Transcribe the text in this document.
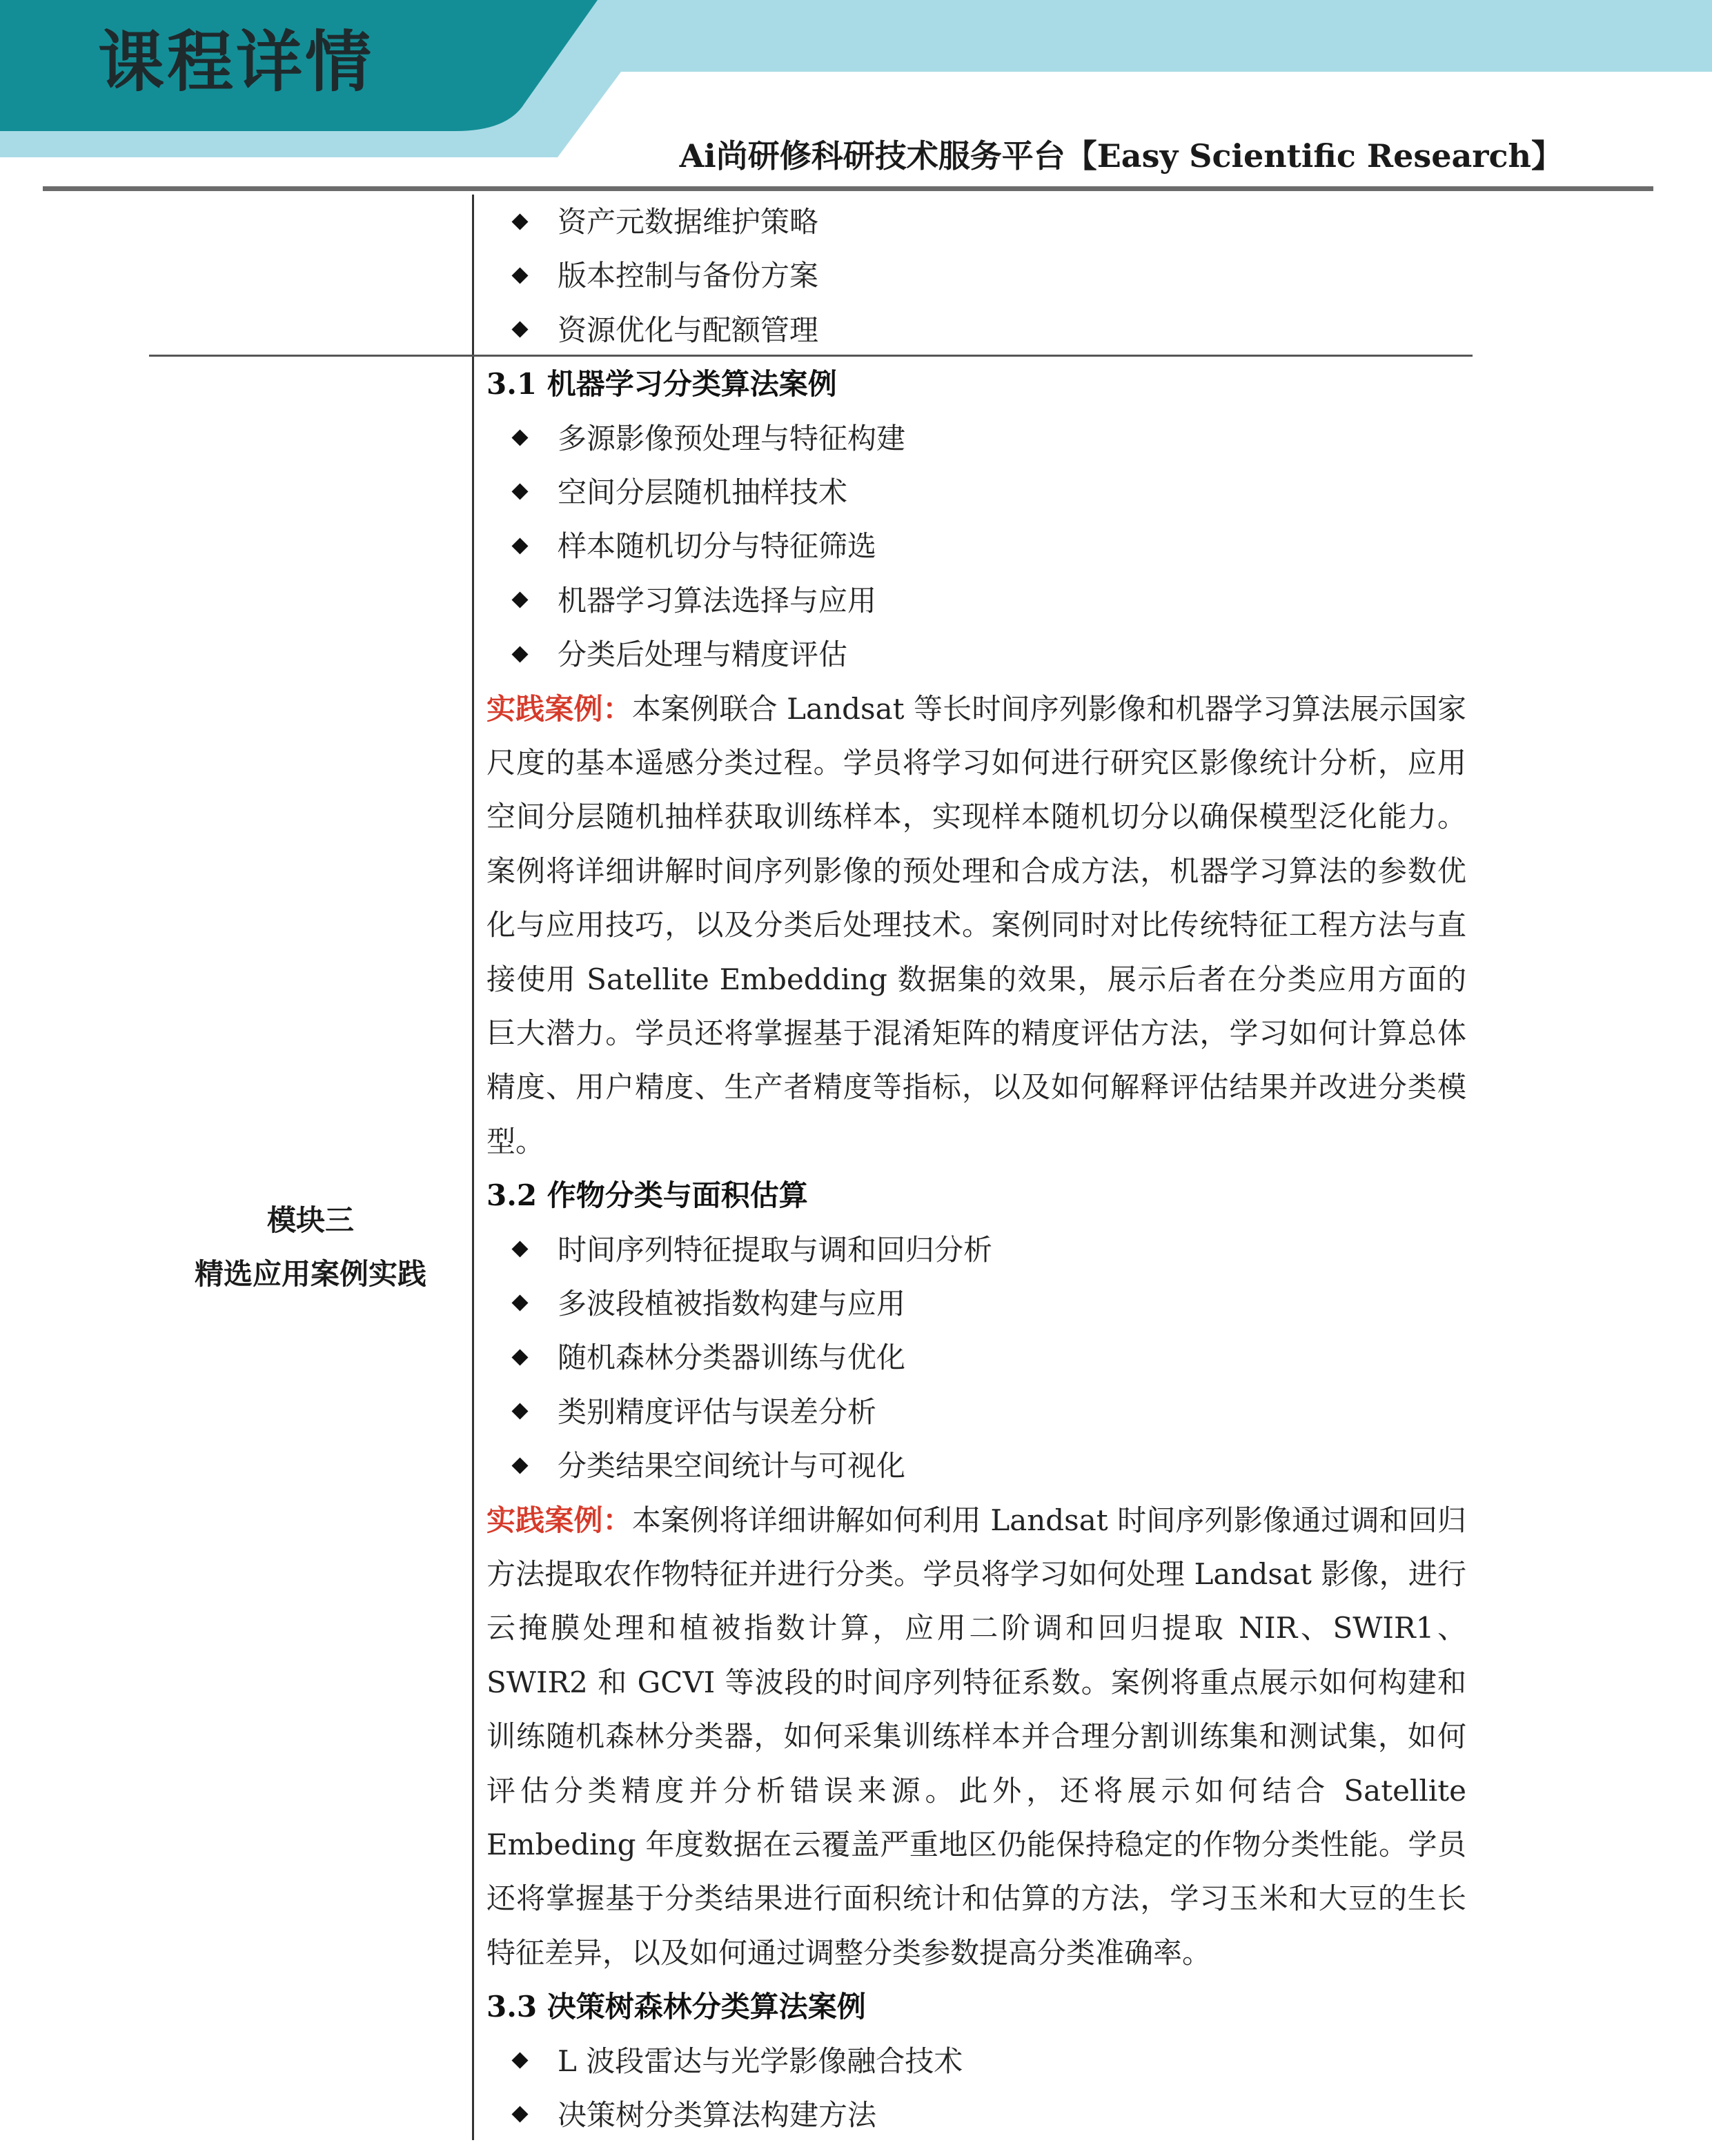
课程详情
Ai尚研修科研技术服务平台【Easy Scientific Research】
模块三
精选应用案例实践
资产元数据维护策略
版本控制与备份方案
资源优化与配额管理
3.1 机器学习分类算法案例
多源影像预处理与特征构建
空间分层随机抽样技术
样本随机切分与特征筛选
机器学习算法选择与应用
分类后处理与精度评估

实践案例：本案例联合 Landsat 等长时间序列影像和机器学习算法展示国家尺度的基本遥感分类过程。学员将学习如何进行研究区影像统计分析，应用空间分层随机抽样获取训练样本，实现样本随机切分以确保模型泛化能力。案例将详细讲解时间序列影像的预处理和合成方法，机器学习算法的参数优化与应用技巧，以及分类后处理技术。案例同时对比传统特征工程方法与直接使用 Satellite Embedding 数据集的效果，展示后者在分类应用方面的巨大潜力。学员还将掌握基于混淆矩阵的精度评估方法，学习如何计算总体精度、用户精度、生产者精度等指标，以及如何解释评估结果并改进分类模型。

3.2 作物分类与面积估算
时间序列特征提取与调和回归分析
多波段植被指数构建与应用
随机森林分类器训练与优化
类别精度评估与误差分析
分类结果空间统计与可视化

实践案例：本案例将详细讲解如何利用 Landsat 时间序列影像通过调和回归方法提取农作物特征并进行分类。学员将学习如何处理 Landsat 影像，进行云掩膜处理和植被指数计算，应用二阶调和回归提取 NIR、SWIR1、SWIR2 和 GCVI 等波段的时间序列特征系数。案例将重点展示如何构建和训练随机森林分类器，如何采集训练样本并合理分割训练集和测试集，如何评估分类精度并分析错误来源。此外，还将展示如何结合 Satellite Embeding 年度数据在云覆盖严重地区仍能保持稳定的作物分类性能。学员还将掌握基于分类结果进行面积统计和估算的方法，学习玉米和大豆的生长特征差异，以及如何通过调整分类参数提高分类准确率。

3.3 决策树森林分类算法案例
L 波段雷达与光学影像融合技术
决策树分类算法构建方法
